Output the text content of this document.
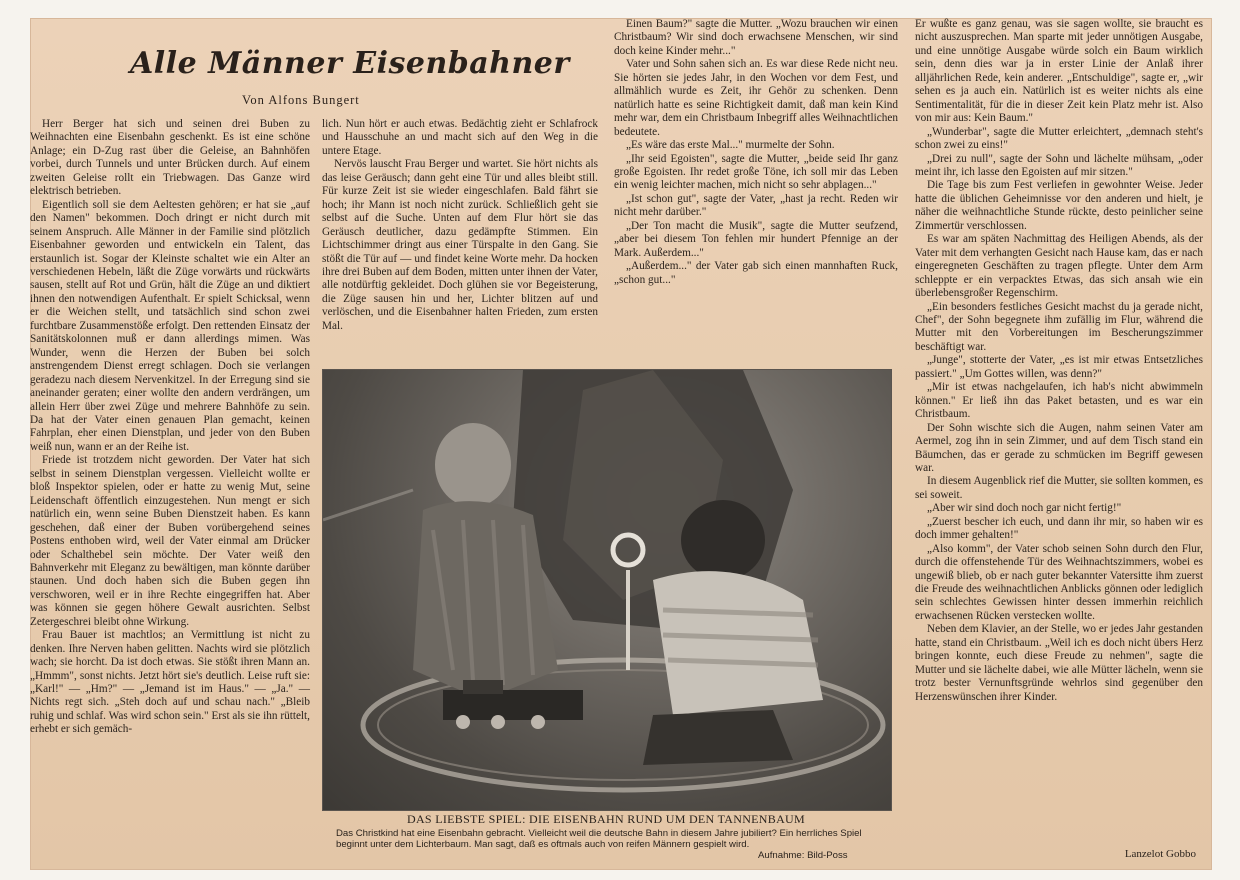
Alle Männer Eisenbahner
Von Alfons Bungert

Herr Berger hat sich und seinen drei Buben zu Weihnachten eine Eisenbahn geschenkt. Es ist eine schöne Anlage; ein D-Zug rast über die Geleise, an Bahnhöfen vorbei, durch Tunnels und unter Brücken durch. Auf einem zweiten Geleise rollt ein Triebwagen. Das Ganze wird elektrisch betrieben.

Eigentlich soll sie dem Aeltesten gehören; er hat sie „auf den Namen" bekommen. Doch dringt er nicht durch mit seinem Anspruch. Alle Männer in der Familie sind plötzlich Eisenbahner geworden und entwickeln ein Talent, das erstaunlich ist. Sogar der Kleinste schaltet wie ein Alter an verschiedenen Hebeln, läßt die Züge vorwärts und rückwärts sausen, stellt auf Rot und Grün, hält die Züge an und diktiert ihnen den notwendigen Aufenthalt. Er spielt Schicksal, wenn er die Weichen stellt, und tatsächlich sind schon zwei furchtbare Zusammenstöße erfolgt. Den rettenden Einsatz der Sanitätskolonnen muß er dann allerdings mimen. Was Wunder, wenn die Herzen der Buben bei solch anstrengendem Dienst erregt schlagen. Doch sie verlangen geradezu nach diesem Nervenkitzel. In der Erregung sind sie aneinander geraten; einer wollte den andern verdrängen, um allein Herr über zwei Züge und mehrere Bahnhöfe zu sein. Da hat der Vater einen genauen Plan gemacht, keinen Fahrplan, eher einen Dienstplan, und jeder von den Buben weiß nun, wann er an der Reihe ist.

Friede ist trotzdem nicht geworden. Der Vater hat sich selbst in seinem Dienstplan vergessen. Vielleicht wollte er bloß Inspektor spielen, oder er hatte zu wenig Mut, seine Leidenschaft öffentlich einzugestehen. Nun mengt er sich natürlich ein, wenn seine Buben Dienstzeit haben. Es kann geschehen, daß einer der Buben vorübergehend seines Postens enthoben wird, weil der Vater einmal am Drücker oder Schalthebel sein möchte. Der Vater weiß den Bahnverkehr mit Eleganz zu bewältigen, man könnte darüber staunen. Und doch haben sich die Buben gegen ihn verschworen, weil er in ihre Rechte eingegriffen hat. Aber was können sie gegen höhere Gewalt ausrichten. Selbst Zetergeschrei bleibt ohne Wirkung.

Frau Bauer ist machtlos; an Vermittlung ist nicht zu denken. Ihre Nerven haben gelitten. Nachts wird sie plötzlich wach; sie horcht. Da ist doch etwas. Sie stößt ihren Mann an. „Hmmm", sonst nichts. Jetzt hört sie's deutlich. Leise ruft sie: „Karl!" — „Hm?" — „Jemand ist im Haus." — „Ja." — Nichts regt sich. „Steh doch auf und schau nach." „Bleib ruhig und schlaf. Was wird schon sein." Erst als sie ihn rüttelt, erhebt er sich gemäch-

lich. Nun hört er auch etwas. Bedächtig zieht er Schlafrock und Hausschuhe an und macht sich auf den Weg in die untere Etage.

Nervös lauscht Frau Berger und wartet. Sie hört nichts als das leise Geräusch; dann geht eine Tür und alles bleibt still. Für kurze Zeit ist sie wieder eingeschlafen. Bald fährt sie hoch; ihr Mann ist noch nicht zurück. Schließlich geht sie selbst auf die Suche. Unten auf dem Flur hört sie das Geräusch deutlicher, dazu gedämpfte Stimmen. Ein Lichtschimmer dringt aus einer Türspalte in den Gang. Sie stößt die Tür auf — und findet keine Worte mehr. Da hocken ihre drei Buben auf dem Boden, mitten unter ihnen der Vater, alle notdürftig gekleidet. Doch glühen sie vor Begeisterung, die Züge sausen hin und her, Lichter blitzen auf und verlöschen, und die Eisenbahner halten Frieden, zum ersten Mal.

Einen Baum?" sagte die Mutter. „Wozu brauchen wir einen Christbaum? Wir sind doch erwachsene Menschen, wir sind doch keine Kinder mehr..."

Vater und Sohn sahen sich an. Es war diese Rede nicht neu. Sie hörten sie jedes Jahr, in den Wochen vor dem Fest, und allmählich wurde es Zeit, ihr Gehör zu schenken. Denn natürlich hatte es seine Richtigkeit damit, daß man kein Kind mehr war, dem ein Christbaum Inbegriff alles Weihnachtlichen bedeutete.

„Es wäre das erste Mal..." murmelte der Sohn.

„Ihr seid Egoisten", sagte die Mutter, „beide seid Ihr ganz große Egoisten. Ihr redet große Töne, ich soll mir das Leben ein wenig leichter machen, mich nicht so sehr abplagen..."

„Ist schon gut", sagte der Vater, „hast ja recht. Reden wir nicht mehr darüber."

„Der Ton macht die Musik", sagte die Mutter seufzend, „aber bei diesem Ton fehlen mir hundert Pfennige an der Mark. Außerdem..."

„Außerdem..." der Vater gab sich einen mannhaften Ruck, „schon gut..."

Er wußte es ganz genau, was sie sagen wollte, sie braucht es nicht auszusprechen. Man sparte mit jeder unnötigen Ausgabe, und eine unnötige Ausgabe würde solch ein Baum wirklich sein, denn dies war ja in erster Linie der Anlaß ihrer alljährlichen Rede, kein anderer. „Entschuldige", sagte er, „wir sehen es ja auch ein. Natürlich ist es weiter nichts als eine Sentimentalität, für die in dieser Zeit kein Platz mehr ist. Also von mir aus: Kein Baum."

„Wunderbar", sagte die Mutter erleichtert, „demnach steht's schon zwei zu eins!"

„Drei zu null", sagte der Sohn und lächelte mühsam, „oder meint ihr, ich lasse den Egoisten auf mir sitzen."

Die Tage bis zum Fest verliefen in gewohnter Weise. Jeder hatte die üblichen Geheimnisse vor den anderen und hielt, je näher die weihnachtliche Stunde rückte, desto peinlicher seine Zimmertür verschlossen.

Es war am späten Nachmittag des Heiligen Abends, als der Vater mit dem verhangten Gesicht nach Hause kam, das er nach eingeregneten Geschäften zu tragen pflegte. Unter dem Arm schleppte er ein verpacktes Etwas, das sich ansah wie ein überlebensgroßer Regenschirm.

„Ein besonders festliches Gesicht machst du ja gerade nicht, Chef", der Sohn begegnete ihm zufällig im Flur, während die Mutter mit den Vorbereitungen im Bescherungszimmer beschäftigt war.

„Junge", stotterte der Vater, „es ist mir etwas Entsetzliches passiert." „Um Gottes willen, was denn?"

„Mir ist etwas nachgelaufen, ich hab's nicht abwimmeln können." Er ließ ihn das Paket betasten, und es war ein Christbaum.

Der Sohn wischte sich die Augen, nahm seinen Vater am Aermel, zog ihn in sein Zimmer, und auf dem Tisch stand ein Bäumchen, das er gerade zu schmücken im Begriff gewesen war.

In diesem Augenblick rief die Mutter, sie sollten kommen, es sei soweit.

„Aber wir sind doch noch gar nicht fertig!"

„Zuerst bescher ich euch, und dann ihr mir, so haben wir es doch immer gehalten!"

„Also komm", der Vater schob seinen Sohn durch den Flur, durch die offenstehende Tür des Weihnachtszimmers, wobei es ungewiß blieb, ob er nach guter bekannter Vatersitte ihm zuerst die Freude des weihnachtlichen Anblicks gönnen oder lediglich sein schlechtes Gewissen hinter dessen immerhin reichlich erwachsenen Rücken verstecken wollte.

Neben dem Klavier, an der Stelle, wo er jedes Jahr gestanden hatte, stand ein Christbaum. „Weil ich es doch nicht übers Herz bringen konnte, euch diese Freude zu nehmen", sagte die Mutter und sie lächelte dabei, wie alle Mütter lächeln, wenn sie trotz bester Vernunftsgründe wehrlos sind gegenüber den Herzenswünschen ihrer Kinder.

DAS LIEBSTE SPIEL: DIE EISENBAHN RUND UM DEN TANNENBAUM
Das Christkind hat eine Eisenbahn gebracht. Vielleicht weil die deutsche Bahn in diesem Jahre jubiliert? Ein herrliches Spiel beginnt unter dem Lichterbaum. Man sagt, daß es oftmals auch von reifen Männern gespielt wird.
Aufnahme: Bild-Poss	Lanzelot Gobbo
